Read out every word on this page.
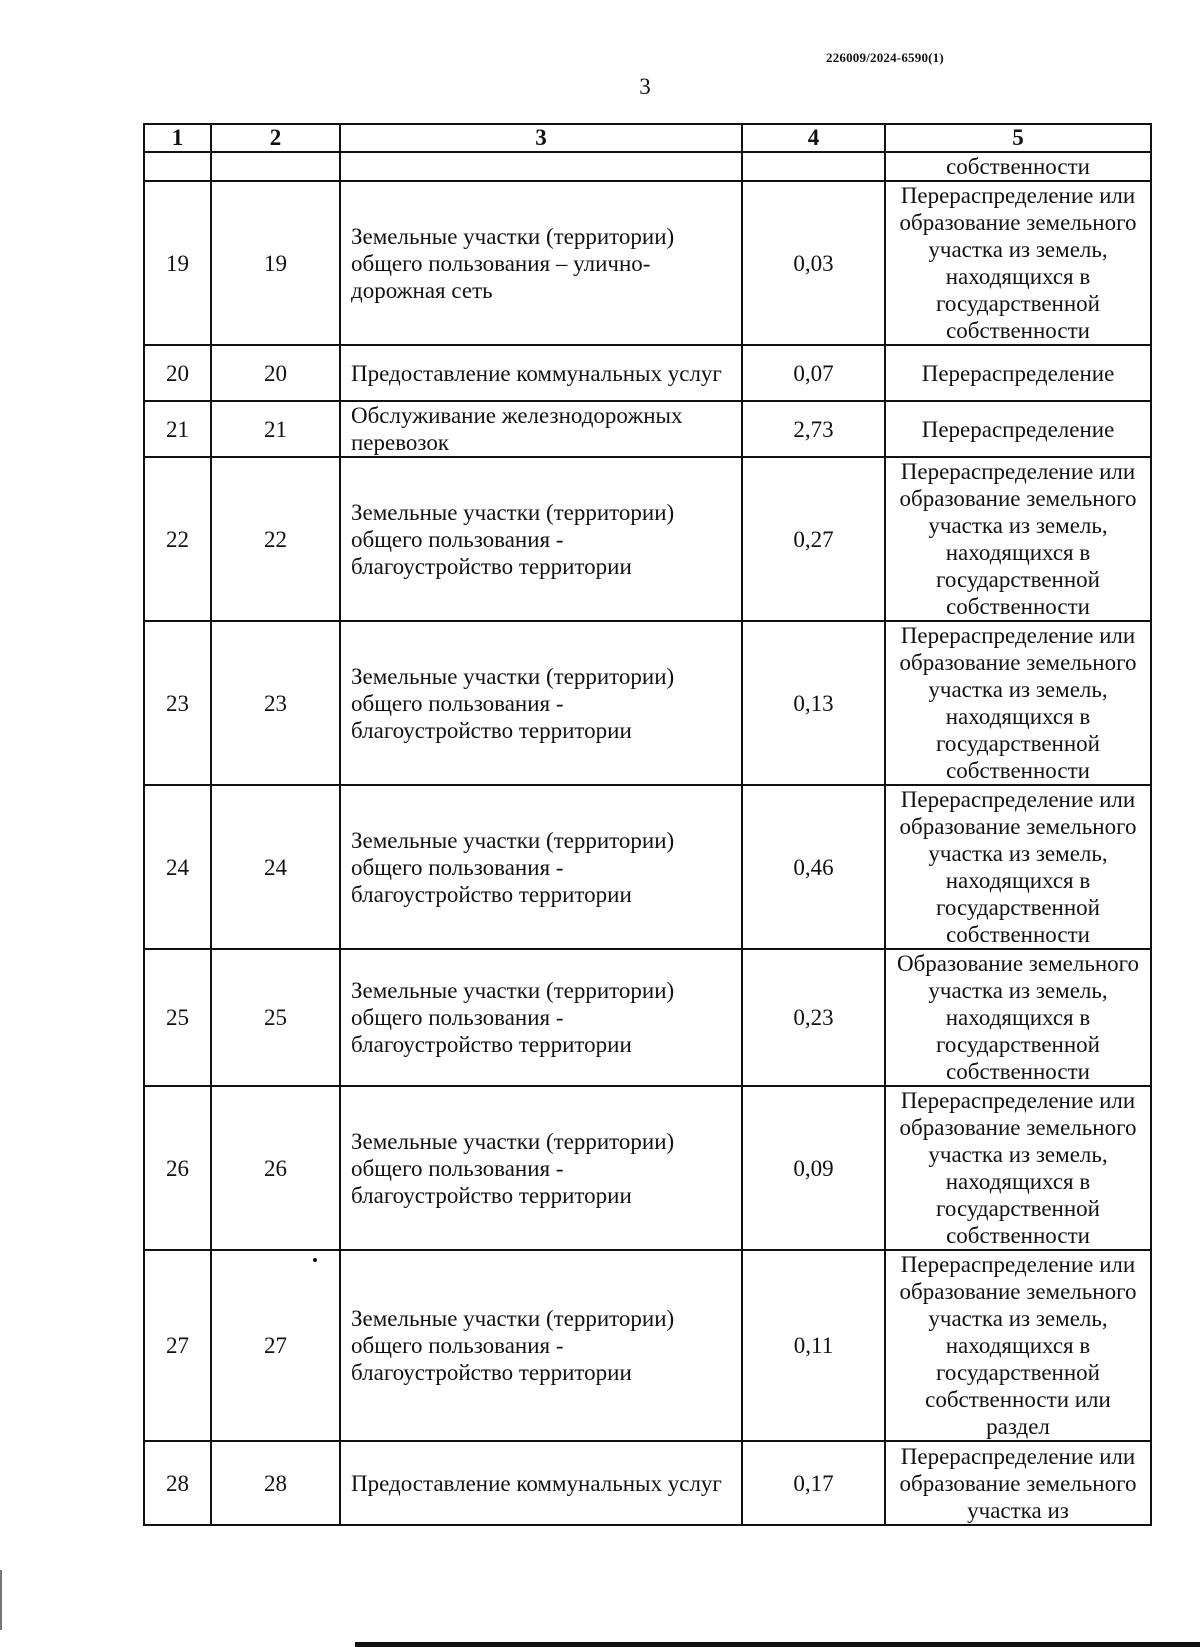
226009/2024-6590(1)
3
1	2	3	4	5
				собственности
19	19	Земельные участки (территории) общего пользования – улично-дорожная сеть	0,03	Перераспределение или образование земельного участка из земель, находящихся в государственной собственности
20	20	Предоставление коммунальных услуг	0,07	Перераспределение
21	21	Обслуживание железнодорожных перевозок	2,73	Перераспределение
22	22	Земельные участки (территории) общего пользования - благоустройство территории	0,27	Перераспределение или образование земельного участка из земель, находящихся в государственной собственности
23	23	Земельные участки (территории) общего пользования - благоустройство территории	0,13	Перераспределение или образование земельного участка из земель, находящихся в государственной собственности
24	24	Земельные участки (территории) общего пользования - благоустройство территории	0,46	Перераспределение или образование земельного участка из земель, находящихся в государственной собственности
25	25	Земельные участки (территории) общего пользования - благоустройство территории	0,23	Образование земельного участка из земель, находящихся в государственной собственности
26	26	Земельные участки (территории) общего пользования - благоустройство территории	0,09	Перераспределение или образование земельного участка из земель, находящихся в государственной собственности
27	27	Земельные участки (территории) общего пользования - благоустройство территории	0,11	Перераспределение или образование земельного участка из земель, находящихся в государственной собственности или раздел
28	28	Предоставление коммунальных услуг	0,17	Перераспределение или образование земельного участка из
